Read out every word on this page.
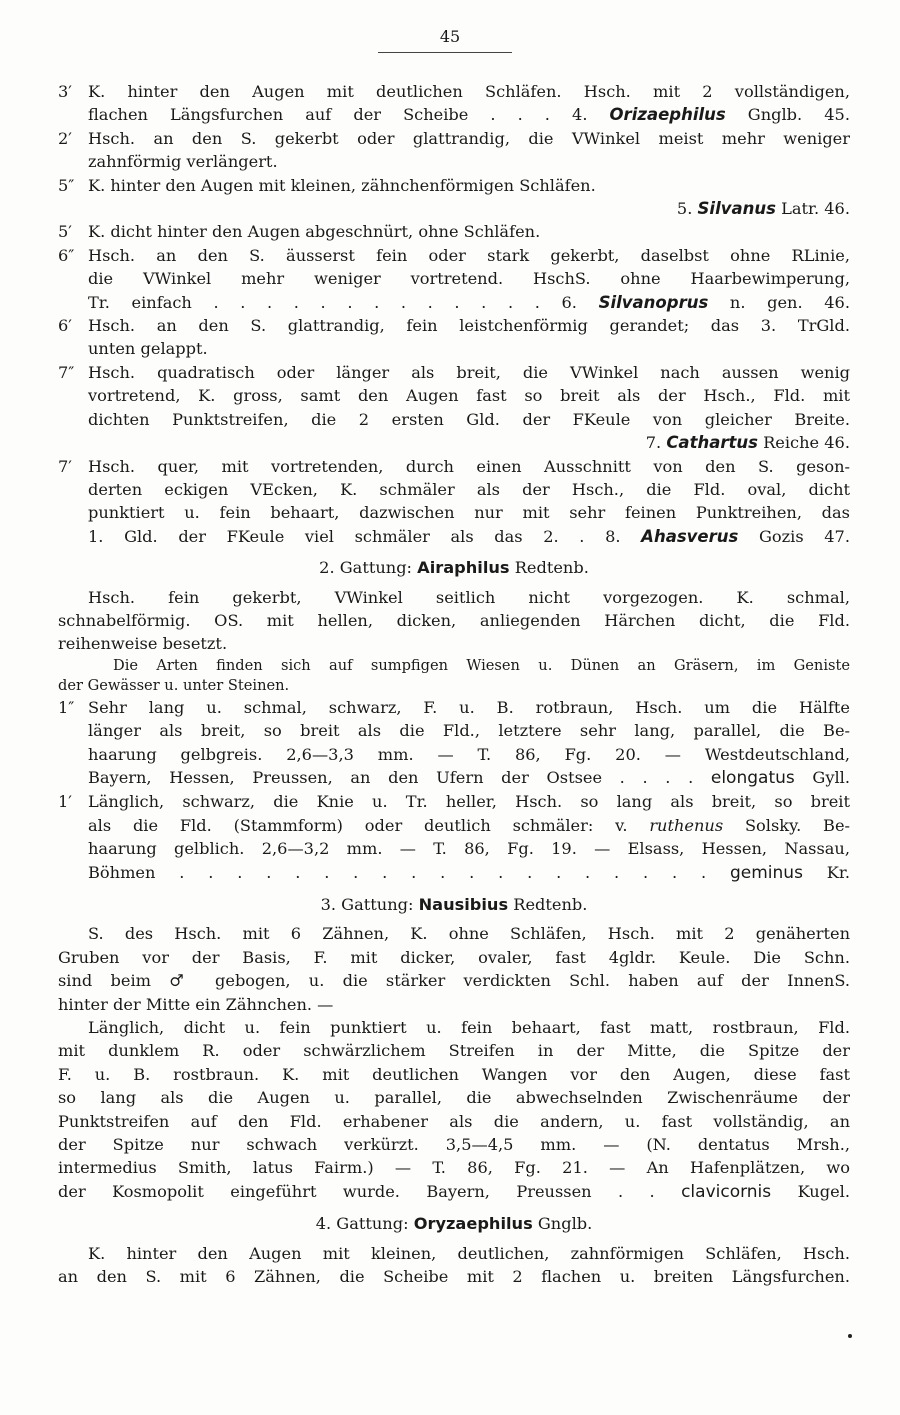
45
3′ K. hinter den Augen mit deutlichen Schläfen. Hsch. mit 2 vollständigen,
flachen Längsfurchen auf der Scheibe . . . 4. Orizaephilus Gnglb. 45.
2′ Hsch. an den S. gekerbt oder glattrandig, die VWinkel meist mehr weniger
zahnförmig verlängert.
5″ K. hinter den Augen mit kleinen, zähnchenförmigen Schläfen.
5. Silvanus Latr. 46.
5′ K. dicht hinter den Augen abgeschnürt, ohne Schläfen.
6″ Hsch. an den S. äusserst fein oder stark gekerbt, daselbst ohne RLinie,
die VWinkel mehr weniger vortretend. HschS. ohne Haarbewimperung,
Tr. einfach . . . . . . . . . . . . . 6. Silvanoprus n. gen. 46.
6′ Hsch. an den S. glattrandig, fein leistchenförmig gerandet; das 3. TrGld.
unten gelappt.
7″ Hsch. quadratisch oder länger als breit, die VWinkel nach aussen wenig
vortretend, K. gross, samt den Augen fast so breit als der Hsch., Fld. mit
dichten Punktstreifen, die 2 ersten Gld. der FKeule von gleicher Breite.
7. Cathartus Reiche 46.
7′ Hsch. quer, mit vortretenden, durch einen Ausschnitt von den S. geson-
derten eckigen VEcken, K. schmäler als der Hsch., die Fld. oval, dicht
punktiert u. fein behaart, dazwischen nur mit sehr feinen Punktreihen, das
1. Gld. der FKeule viel schmäler als das 2. . 8. Ahasverus Gozis 47.
2. Gattung: Airaphilus Redtenb.
Hsch. fein gekerbt, VWinkel seitlich nicht vorgezogen. K. schmal,
schnabelförmig. OS. mit hellen, dicken, anliegenden Härchen dicht, die Fld.
reihenweise besetzt.
Die Arten finden sich auf sumpfigen Wiesen u. Dünen an Gräsern, im Geniste
der Gewässer u. unter Steinen.
1″ Sehr lang u. schmal, schwarz, F. u. B. rotbraun, Hsch. um die Hälfte
länger als breit, so breit als die Fld., letztere sehr lang, parallel, die Be-
haarung gelbgreis. 2,6—3,3 mm. — T. 86, Fg. 20. — Westdeutschland,
Bayern, Hessen, Preussen, an den Ufern der Ostsee . . . . elongatus Gyll.
1′ Länglich, schwarz, die Knie u. Tr. heller, Hsch. so lang als breit, so breit
als die Fld. (Stammform) oder deutlich schmäler: v. ruthenus Solsky. Be-
haarung gelblich. 2,6—3,2 mm. — T. 86, Fg. 19. — Elsass, Hessen, Nassau,
Böhmen . . . . . . . . . . . . . . . . . . . geminus Kr.
3. Gattung: Nausibius Redtenb.
S. des Hsch. mit 6 Zähnen, K. ohne Schläfen, Hsch. mit 2 genäherten
Gruben vor der Basis, F. mit dicker, ovaler, fast 4gldr. Keule. Die Schn.
sind beim ♂ gebogen, u. die stärker verdickten Schl. haben auf der InnenS.
hinter der Mitte ein Zähnchen. —
Länglich, dicht u. fein punktiert u. fein behaart, fast matt, rostbraun, Fld.
mit dunklem R. oder schwärzlichem Streifen in der Mitte, die Spitze der
F. u. B. rostbraun. K. mit deutlichen Wangen vor den Augen, diese fast
so lang als die Augen u. parallel, die abwechselnden Zwischenräume der
Punktstreifen auf den Fld. erhabener als die andern, u. fast vollständig, an
der Spitze nur schwach verkürzt. 3,5—4,5 mm. — (N. dentatus Mrsh.,
intermedius Smith, latus Fairm.) — T. 86, Fg. 21. — An Hafenplätzen, wo
der Kosmopolit eingeführt wurde. Bayern, Preussen . . clavicornis Kugel.
4. Gattung: Oryzaephilus Gnglb.
K. hinter den Augen mit kleinen, deutlichen, zahnförmigen Schläfen, Hsch.
an den S. mit 6 Zähnen, die Scheibe mit 2 flachen u. breiten Längsfurchen.
